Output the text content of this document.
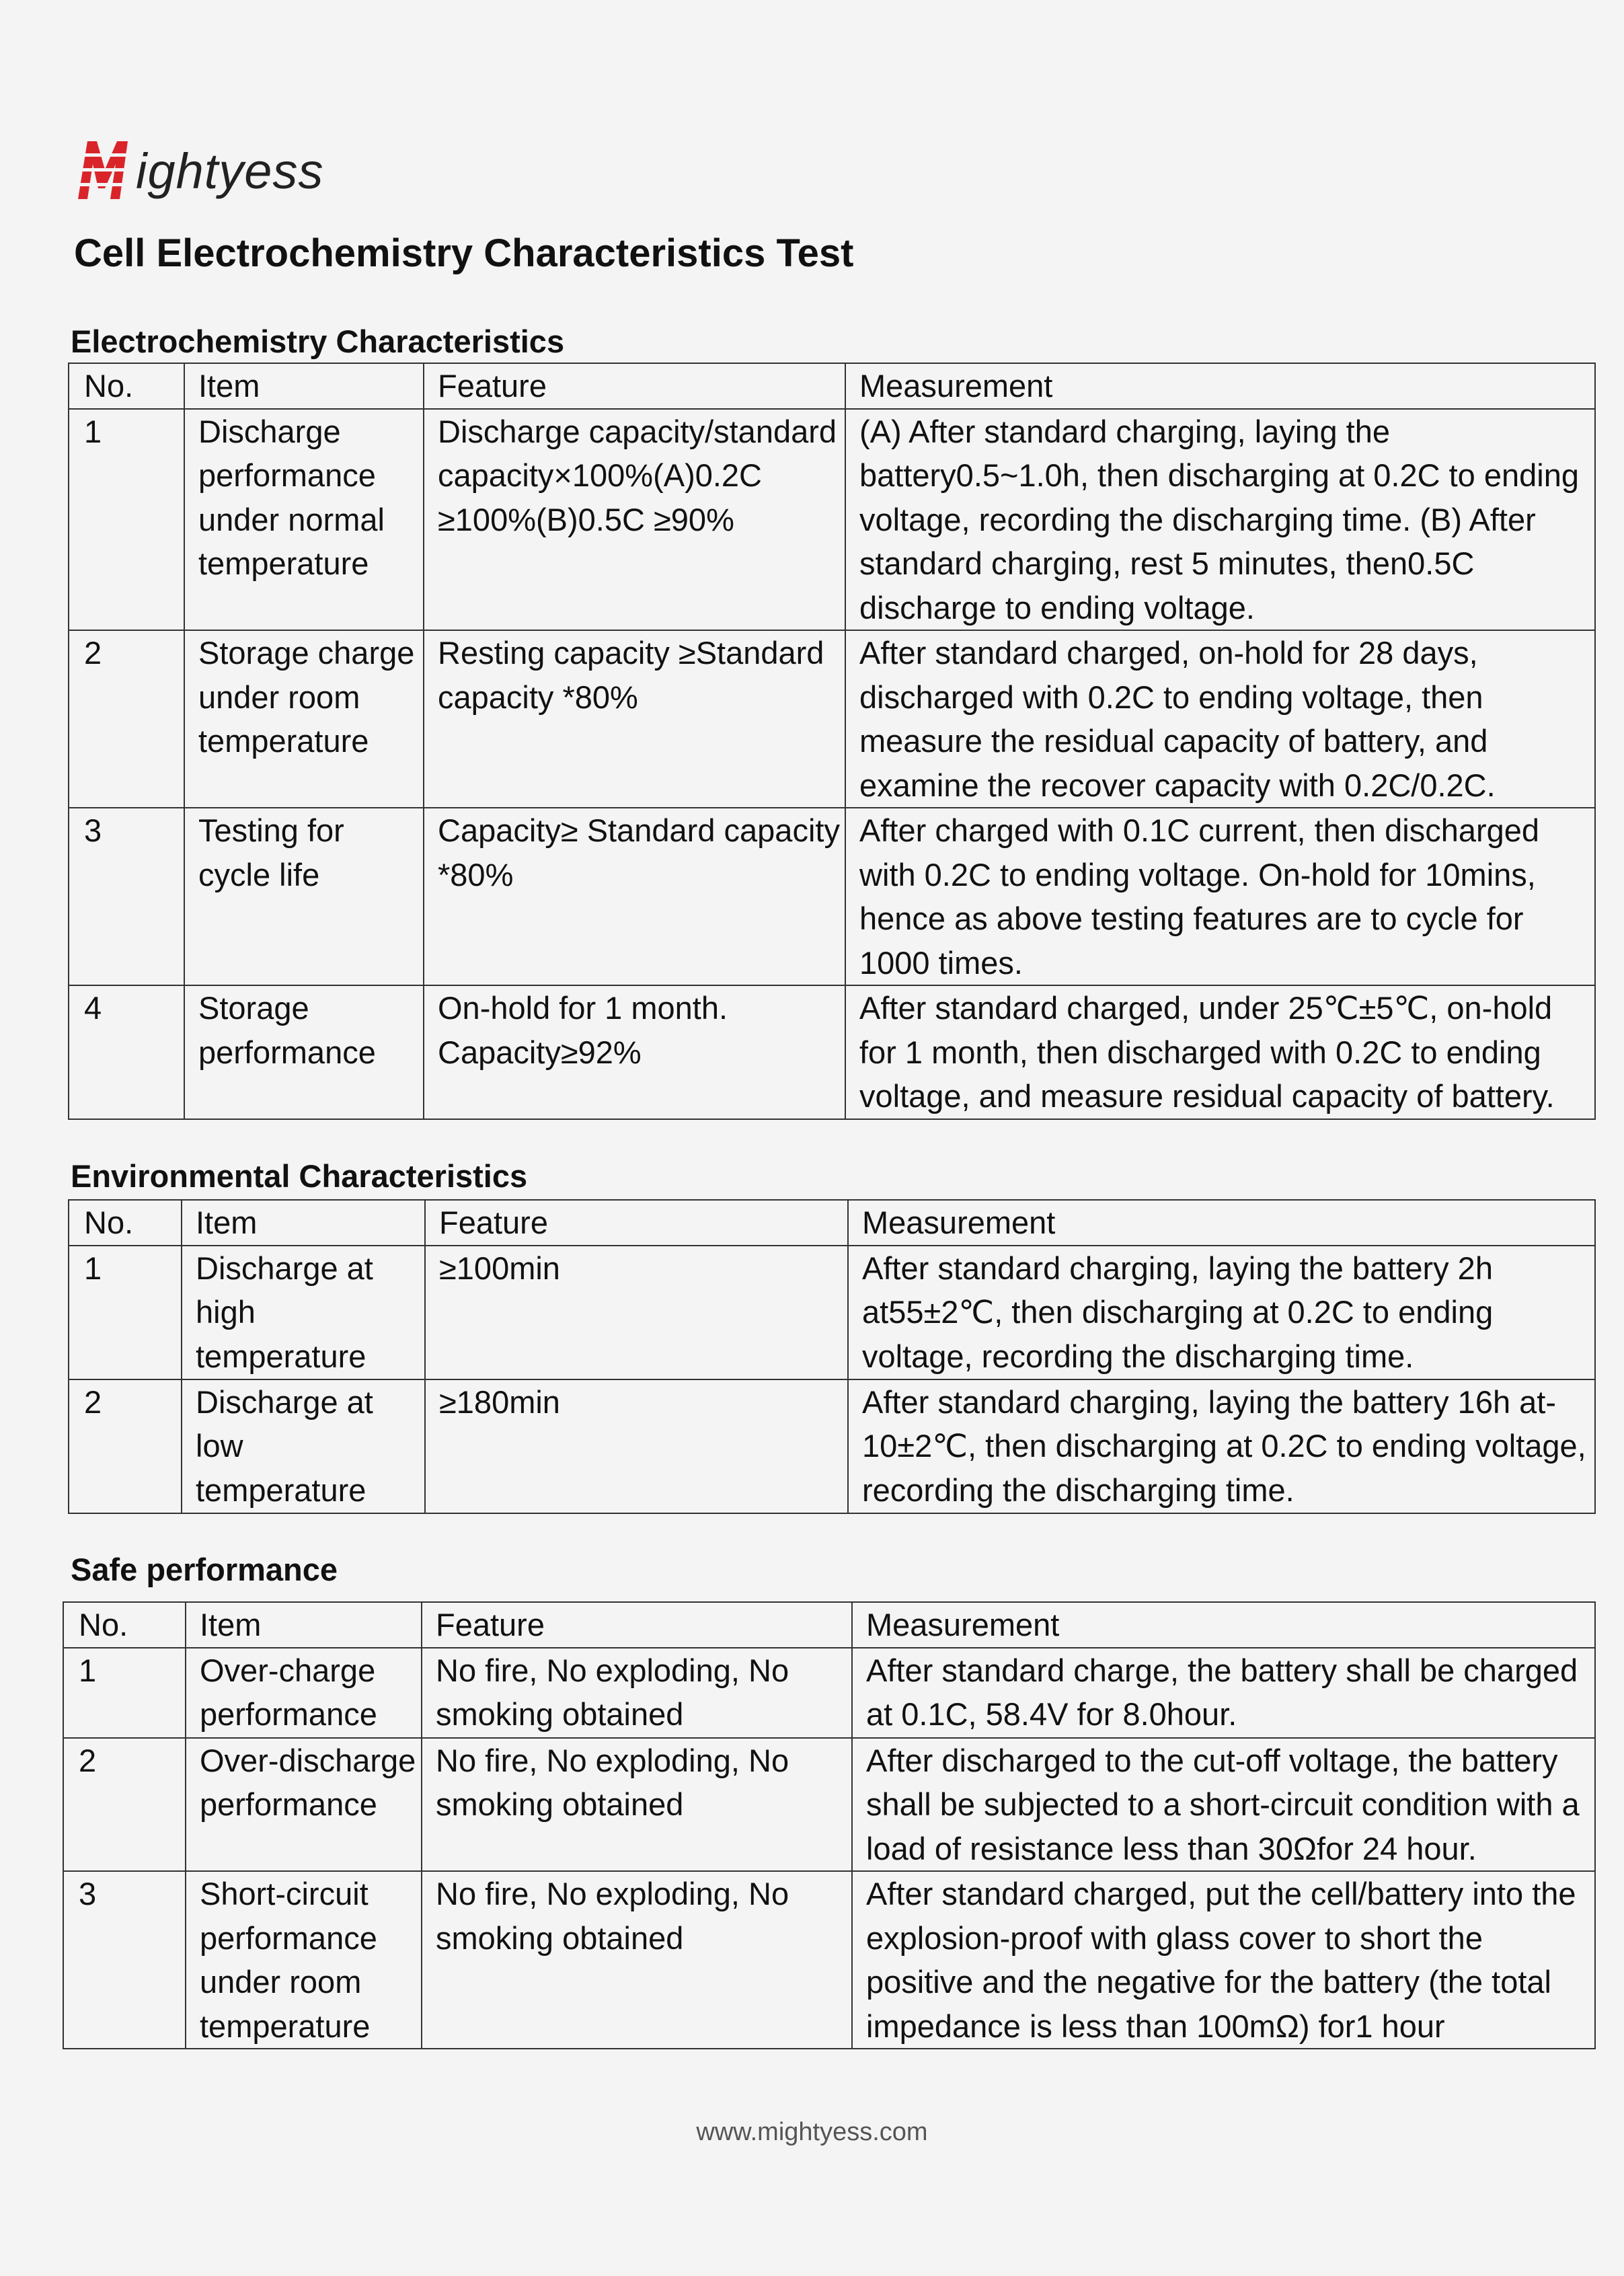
ightyess
Cell Electrochemistry Characteristics Test
Electrochemistry Characteristics
No.	Item	Feature	Measurement
1	Discharge performance under normal temperature	Discharge capacity/standard capacity×100%(A)0.2C ≥100%(B)0.5C ≥90%	(A) After standard charging, laying the battery0.5~1.0h, then discharging at 0.2C to ending voltage, recording the discharging time. (B) After standard charging, rest 5 minutes, then0.5C discharge to ending voltage.
2	Storage charge under room temperature	Resting capacity ≥Standard capacity *80%	After standard charged, on-hold for 28 days, discharged with 0.2C to ending voltage, then measure the residual capacity of battery, and examine the recover capacity with 0.2C/0.2C.
3	Testing for cycle life	Capacity≥ Standard capacity *80%	After charged with 0.1C current, then discharged with 0.2C to ending voltage. On-hold for 10mins, hence as above testing features are to cycle for 1000 times.
4	Storage performance	On-hold for 1 month. Capacity≥92%	After standard charged, under 25℃±5℃, on-hold for 1 month, then discharged with 0.2C to ending voltage, and measure residual capacity of battery.
Environmental Characteristics
No.	Item	Feature	Measurement
1	Discharge at high temperature	≥100min	After standard charging, laying the battery 2h at55±2℃, then discharging at 0.2C to ending voltage, recording the discharging time.
2	Discharge at low temperature	≥180min	After standard charging, laying the battery 16h at-10±2℃, then discharging at 0.2C to ending voltage, recording the discharging time.
Safe performance
No.	Item	Feature	Measurement
1	Over-charge performance	No fire, No exploding, No smoking obtained	After standard charge, the battery shall be charged at 0.1C, 58.4V for 8.0hour.
2	Over-discharge performance	No fire, No exploding, No smoking obtained	After discharged to the cut-off voltage, the battery shall be subjected to a short-circuit condition with a load of resistance less than 30Ωfor 24 hour.
3	Short-circuit performance under room temperature	No fire, No exploding, No smoking obtained	After standard charged, put the cell/battery into the explosion-proof with glass cover to short the positive and the negative for the battery (the total impedance is less than 100mΩ) for1 hour
www.mightyess.com
